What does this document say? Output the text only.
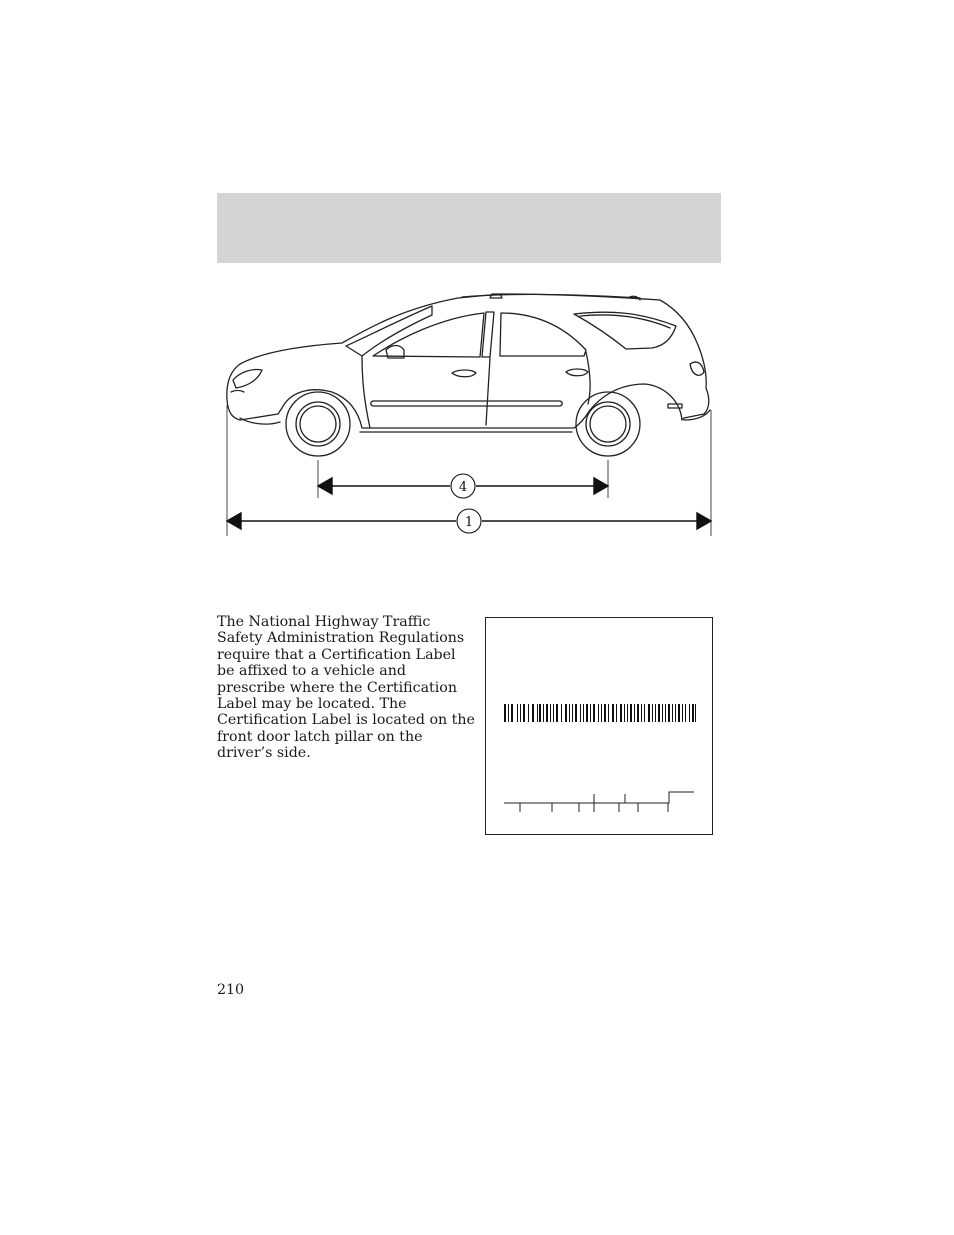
4
1
The National Highway Traffic Safety Administration Regulations require that a Certification Label be affixed to a vehicle and prescribe where the Certification Label may be located. The Certification Label is located on the front door latch pillar on the driver’s side.
210
